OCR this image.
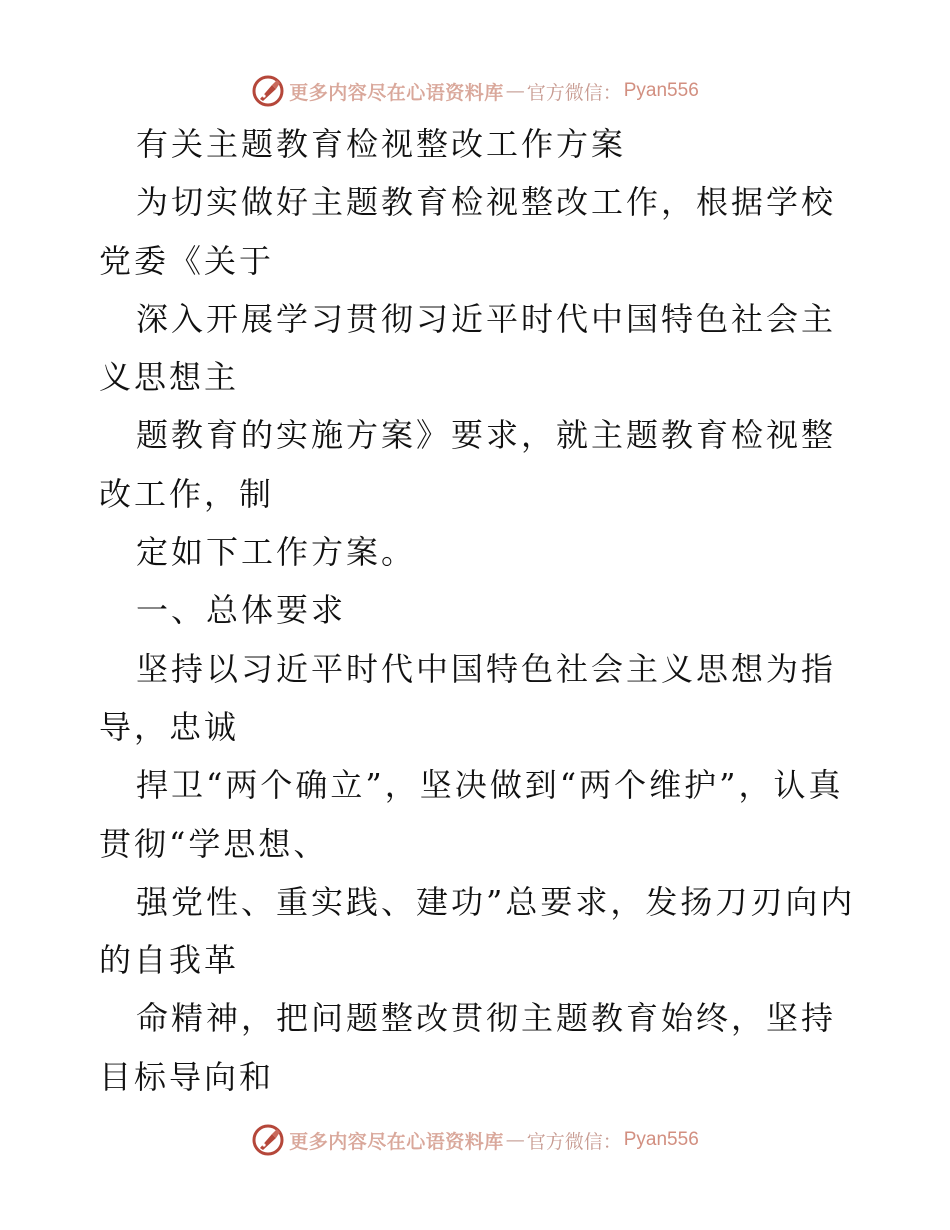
更多内容尽在心语资料库 — 官方微信： Pyan556

有关主题教育检视整改工作方案

为切实做好主题教育检视整改工作，根据学校党委《关于

深入开展学习贯彻习近平时代中国特色社会主义思想主

题教育的实施方案》要求，就主题教育检视整改工作，制

定如下工作方案。

一、总体要求

坚持以习近平时代中国特色社会主义思想为指导，忠诚

捍卫“两个确立”，坚决做到“两个维护”，认真贯彻“学思想、

强党性、重实践、建功”总要求，发扬刀刃向内的自我革

命精神，把问题整改贯彻主题教育始终，坚持目标导向和

更多内容尽在心语资料库 — 官方微信： Pyan556
